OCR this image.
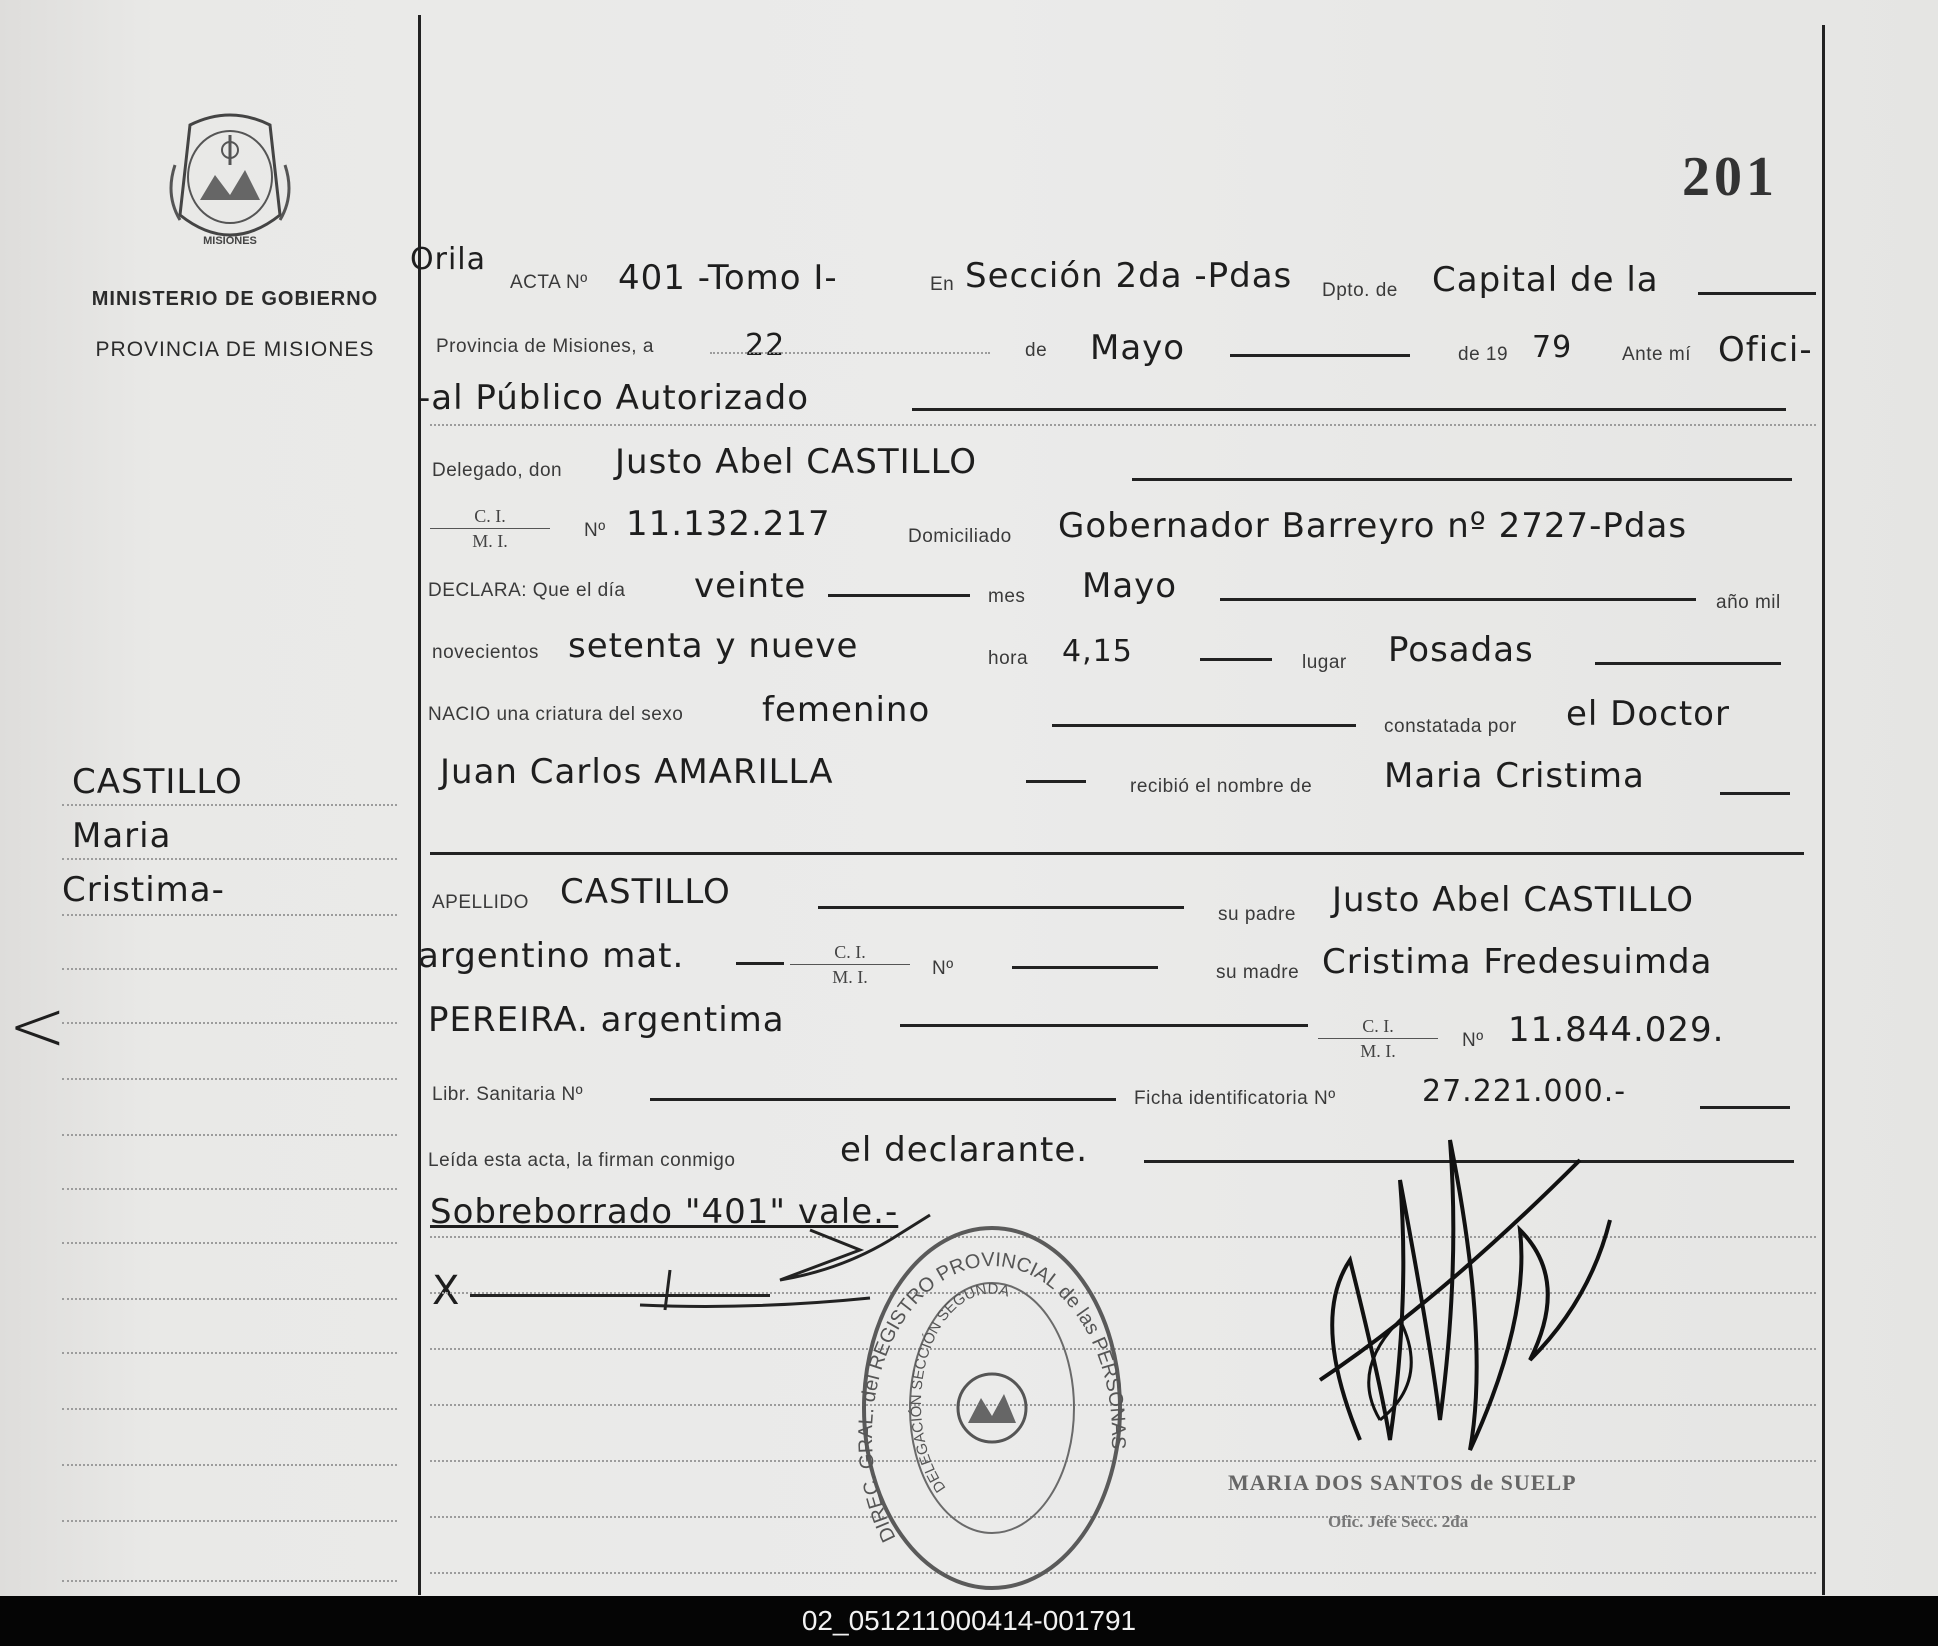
MISIONES
MINISTERIO DE GOBIERNO
PROVINCIA DE MISIONES
201
CASTILLO
Maria
Cristima-
<
Orila
ACTA Nº 401 -Tomo I-	En Sección 2da -Pdas Dpto. de Capital de la
Provincia de Misiones, a	22	de Mayo	de 19 79	Ante mí Ofici-
-al Público Autorizado
Delegado, don Justo Abel CASTILLO
$\frac{C. I.}{M. I.}$ Nº 11.132.217	Domiciliado Gobernador Barreyro nº 2727-Pdas
DECLARA: Que el día veinte	mes Mayo	año mil
novecientos setenta y nueve	hora 4,15	lugar Posadas
NACIO una criatura del sexo femenino	constatada por el Doctor
Juan Carlos AMARILLA	recibió el nombre de Maria Cristima
APELLIDO CASTILLO
su padre Justo Abel CASTILLO
argentino mat.	$\frac{C. I.}{M. I.}$ Nº	su madre Cristima Fredesuimda
PEREIRA. argentima	$\frac{C. I.}{M. I.}$ Nº 11.844.029.
Libr. Sanitaria Nº	Ficha identificatoria Nº	27.221.000.-
Leída esta acta, la firman conmigo	el declarante.
Sobreborrado "401" vale.-
X
DIREC. GRAL. del REGISTRO PROVINCIAL de las PERSONAS
DELEGACIÓN SECCIÓN SEGUNDA
MARIA DOS SANTOS de SUELP
Ofic. Jefe Secc. 2da
02_051211000414-001791
